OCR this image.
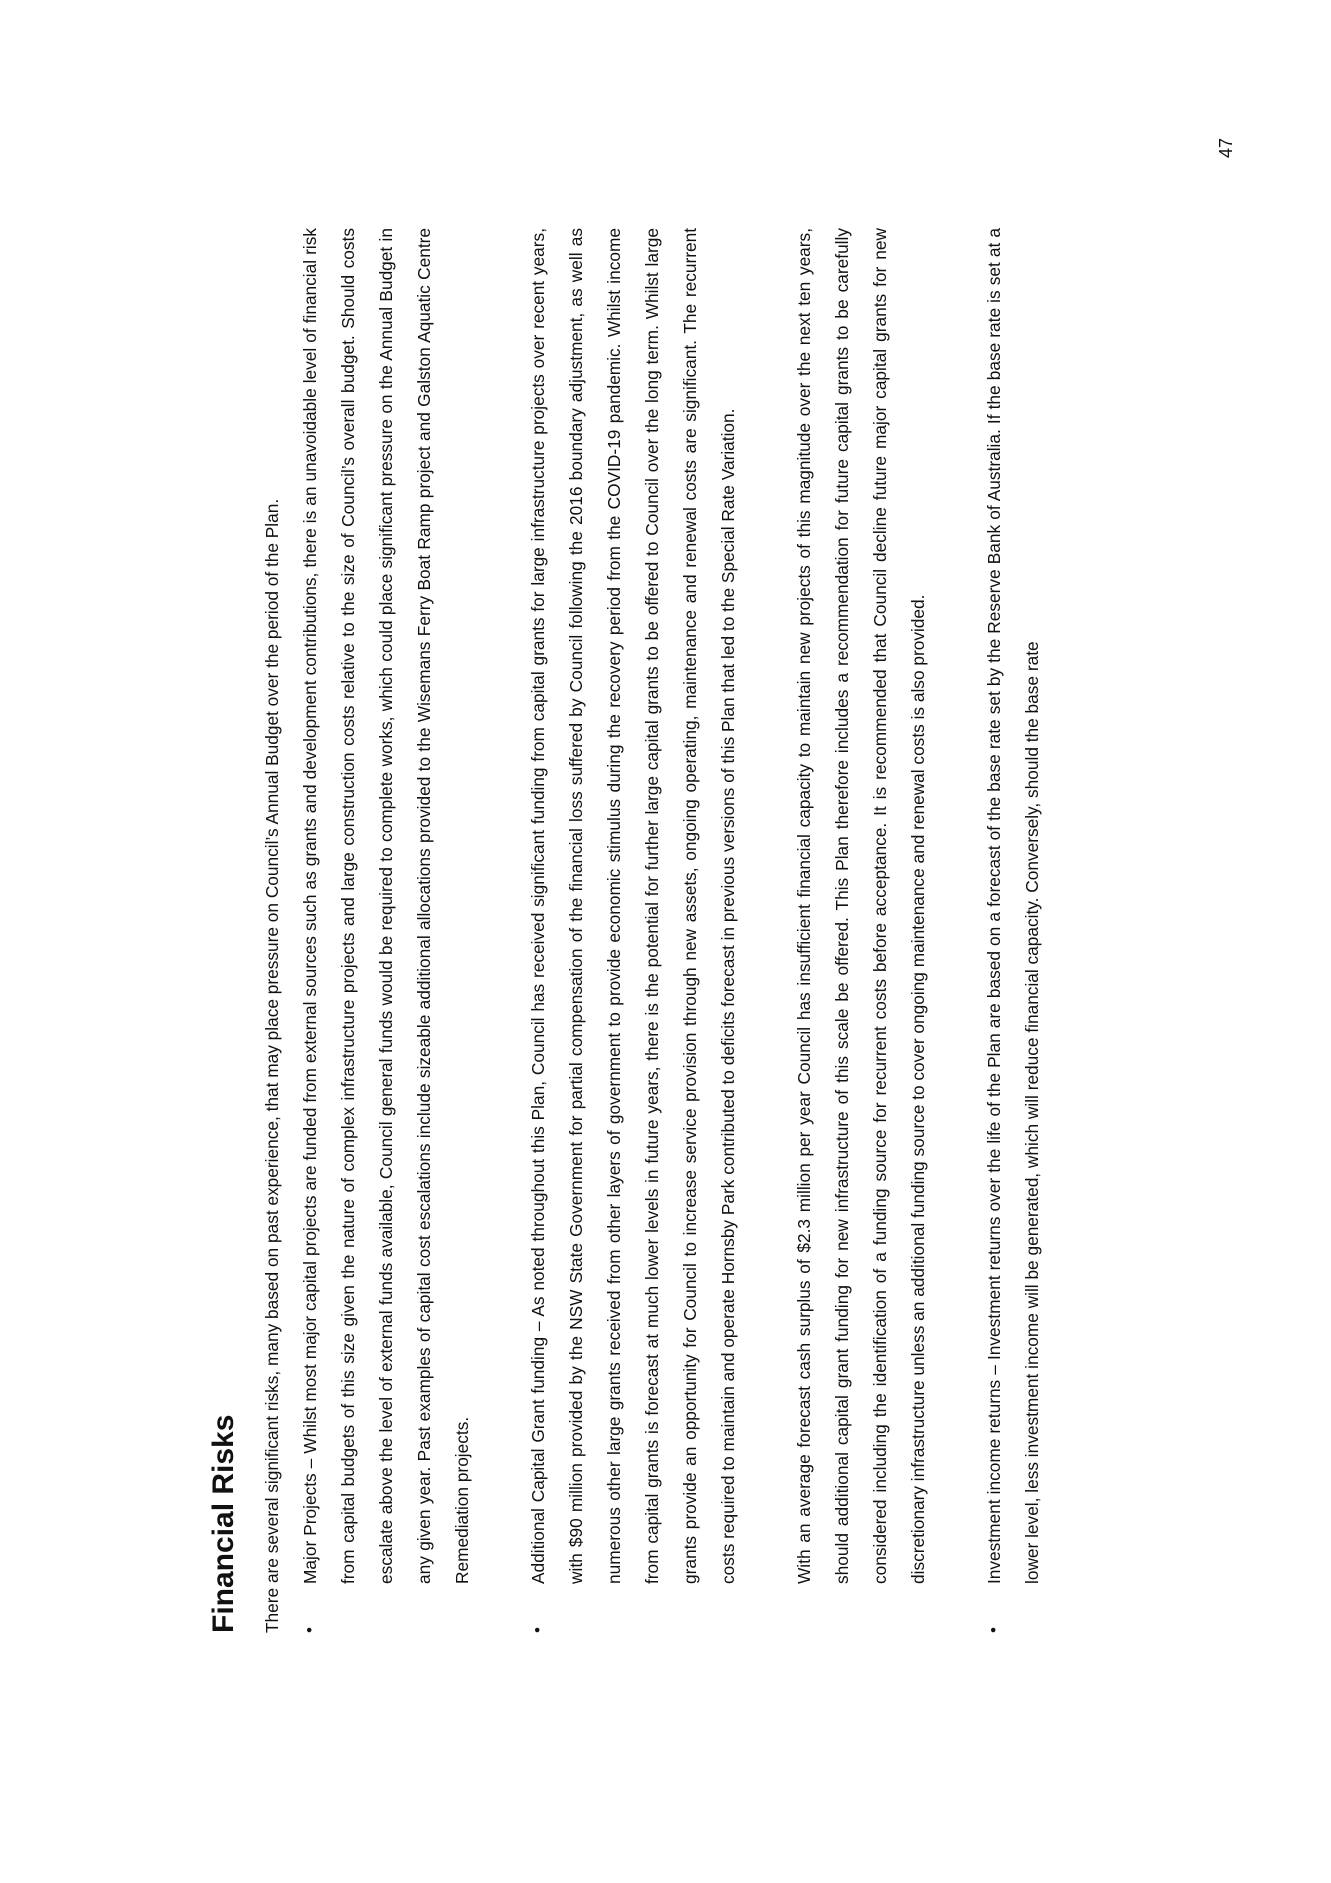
Financial Risks	There are several significant risks, many based on past experience, that may place pressure on Council’s Annual Budget over the period of the Plan.	•

Major Projects – Whilst most major capital projects are funded from external sources such as grants and development contributions, there is an unavoidable level of financial risk from capital budgets of this size given the nature of complex infrastructure projects and large construction costs relative to the size of Council’s overall budget. Should costs escalate above the level of external funds available, Council general funds would be required to complete works, which could place significant pressure on the Annual Budget in any given year. Past examples of capital cost escalations include sizeable additional allocations provided to the Wisemans Ferry Boat Ramp project and Galston Aquatic Centre Remediation projects.

•

Additional Capital Grant funding – As noted throughout this Plan, Council has received significant funding from capital grants for large infrastructure projects over recent years, with $90 million provided by the NSW State Government for partial compensation of the financial loss suffered by Council following the 2016 boundary adjustment, as well as numerous other large grants received from other layers of government to provide economic stimulus during the recovery period from the COVID-19 pandemic. Whilst income from capital grants is forecast at much lower levels in future years, there is the potential for further large capital grants to be offered to Council over the long term. Whilst large grants provide an opportunity for Council to increase service provision through new assets, ongoing operating, maintenance and renewal costs are significant. The recurrent costs required to maintain and operate Hornsby Park contributed to deficits forecast in previous versions of this Plan that led to the Special Rate Variation.	With an average forecast cash surplus of $2.3 million per year Council has insufficient financial capacity to maintain new projects of this magnitude over the next ten years, should additional capital grant funding for new infrastructure of this scale be offered. This Plan therefore includes a recommendation for future capital grants to be carefully considered including the identification of a funding source for recurrent costs before acceptance. It is recommended that Council decline future major capital grants for new discretionary infrastructure unless an additional funding source to cover ongoing maintenance and renewal costs is also provided.

•

Investment income returns – Investment returns over the life of the Plan are based on a forecast of the base rate set by the Reserve Bank of Australia. If the base rate is set at a lower level, less investment income will be generated, which will reduce financial capacity. Conversely, should the base rate

47
